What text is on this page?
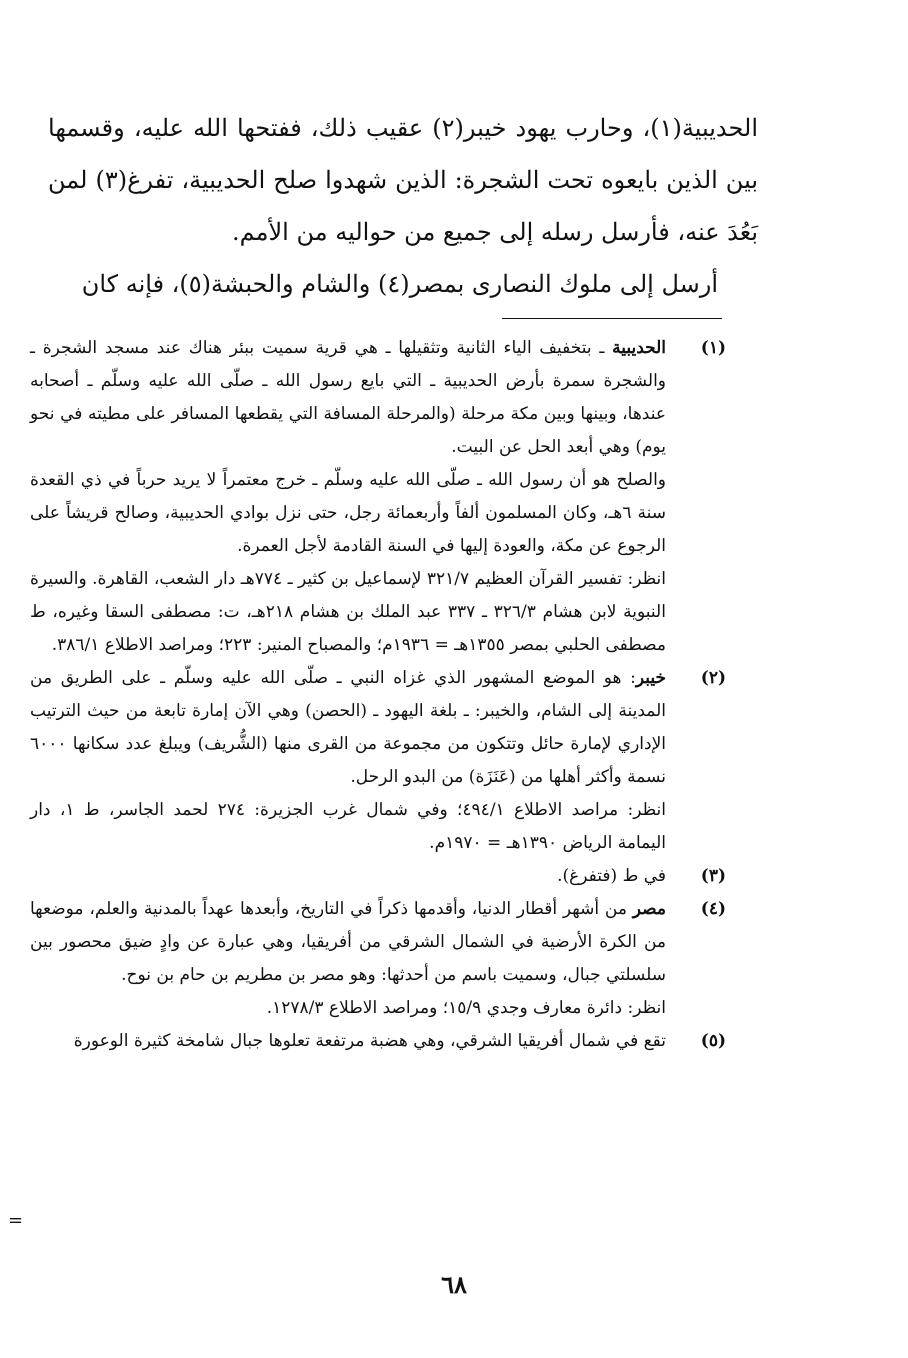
الحديبية(١)، وحارب يهود خيبر(٢) عقيب ذلك، ففتحها الله عليه، وقسمها بين الذين بايعوه تحت الشجرة: الذين شهدوا صلح الحديبية، تفرغ(٣) لمن بَعُدَ عنه، فأرسل رسله إلى جميع من حواليه من الأمم.

أرسل إلى ملوك النصارى بمصر(٤) والشام والحبشة(٥)، فإنه كان

(١)

الحديبية ـ بتخفيف الياء الثانية وتثقيلها ـ هي قرية سميت ببئر هناك عند مسجد الشجرة ـ والشجرة سمرة بأرض الحديبية ـ التي بايع رسول الله ـ صلّى الله عليه وسلّم ـ أصحابه عندها، وبينها وبين مكة مرحلة (والمرحلة المسافة التي يقطعها المسافر على مطيته في نحو يوم) وهي أبعد الحل عن البيت.

والصلح هو أن رسول الله ـ صلّى الله عليه وسلّم ـ خرج معتمراً لا يريد حرباً في ذي القعدة سنة ٦هـ، وكان المسلمون ألفاً وأربعمائة رجل، حتى نزل بوادي الحديبية، وصالح قريشاً على الرجوع عن مكة، والعودة إليها في السنة القادمة لأجل العمرة.

انظر: تفسير القرآن العظيم ٣٢١/٧ لإسماعيل بن كثير ـ ٧٧٤هـ دار الشعب، القاهرة. والسيرة النبوية لابن هشام ٣٢٦/٣ ـ ٣٣٧ عبد الملك بن هشام ٢١٨هـ، ت: مصطفى السقا وغيره، ط مصطفى الحلبي بمصر ١٣٥٥هـ = ١٩٣٦م؛ والمصباح المنير: ٢٢٣؛ ومراصد الاطلاع ٣٨٦/١.

(٢)

خيبر: هو الموضع المشهور الذي غزاه النبي ـ صلّى الله عليه وسلّم ـ على الطريق من المدينة إلى الشام، والخيبر: ـ بلغة اليهود ـ (الحصن) وهي الآن إمارة تابعة من حيث الترتيب الإداري لإمارة حائل وتتكون من مجموعة من القرى منها (الشُّريف) ويبلغ عدد سكانها ٦٠٠٠ نسمة وأكثر أهلها من (عَنَزَة) من البدو الرحل.

انظر: مراصد الاطلاع ٤٩٤/١؛ وفي شمال غرب الجزيرة: ٢٧٤ لحمد الجاسر، ط ١، دار اليمامة الرياض ١٣٩٠هـ = ١٩٧٠م.

(٣)

في ط (فتفرغ).

(٤)

مصر من أشهر أقطار الدنيا، وأقدمها ذكراً في التاريخ، وأبعدها عهداً بالمدنية والعلم، موضعها من الكرة الأرضية في الشمال الشرقي من أفريقيا، وهي عبارة عن وادٍ ضيق محصور بين سلسلتي جبال، وسميت باسم من أحدثها: وهو مصر بن مطريم بن حام بن نوح.

انظر: دائرة معارف وجدي ١٥/٩؛ ومراصد الاطلاع ١٢٧٨/٣.

(٥)

تقع في شمال أفريقيا الشرقي، وهي هضبة مرتفعة تعلوها جبال شامخة كثيرة الوعورة

=
٦٨
